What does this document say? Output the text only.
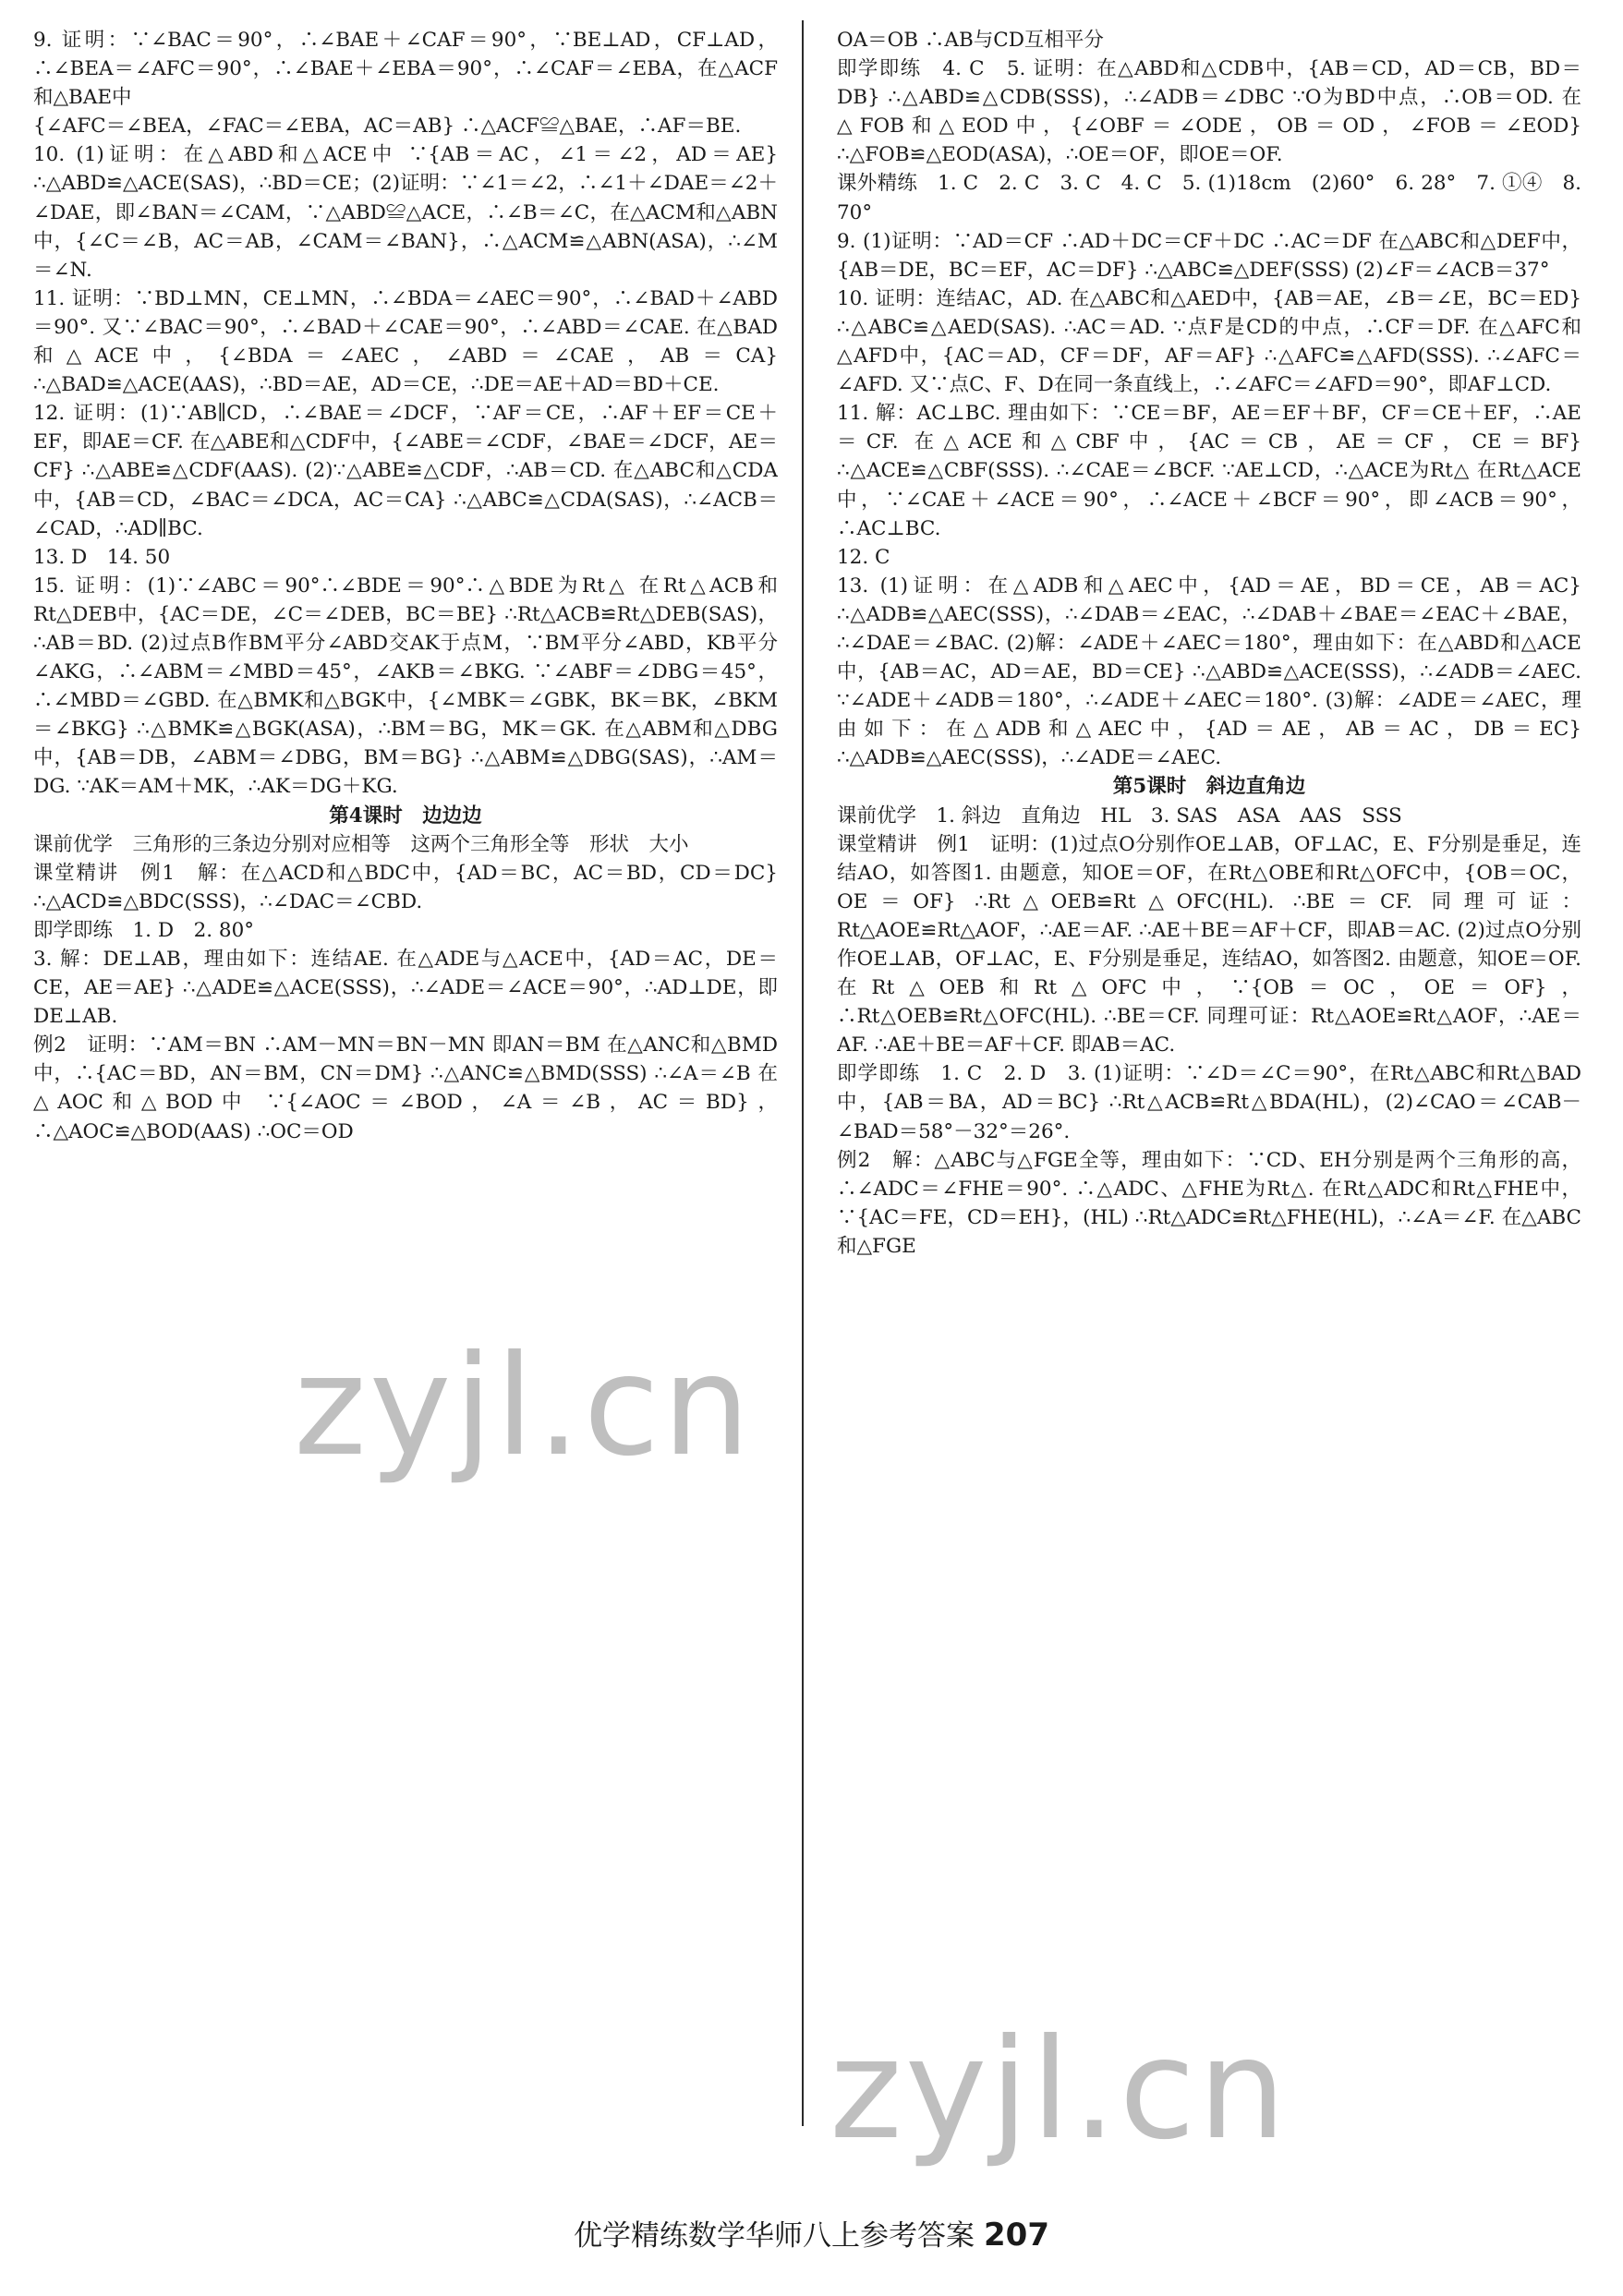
9. 证明：∵∠BAC＝90°，∴∠BAE＋∠CAF＝90°，∵BE⊥AD，CF⊥AD，∴∠BEA＝∠AFC＝90°，∴∠BAE＋∠EBA＝90°，∴∠CAF＝∠EBA，在△ACF和△BAE中

{∠AFC＝∠BEA，∠FAC＝∠EBA，AC＝AB} ∴△ACF≌△BAE，∴AF＝BE.

10. (1)证明：在△ABD和△ACE中 ∵{AB＝AC，∠1＝∠2，AD＝AE} ∴△ABD≌△ACE(SAS)，∴BD＝CE；(2)证明：∵∠1＝∠2，∴∠1＋∠DAE＝∠2＋∠DAE，即∠BAN＝∠CAM，∵△ABD≌△ACE，∴∠B＝∠C，在△ACM和△ABN中，{∠C＝∠B，AC＝AB，∠CAM＝∠BAN}，∴△ACM≌△ABN(ASA)，∴∠M＝∠N.

11. 证明：∵BD⊥MN，CE⊥MN，∴∠BDA＝∠AEC＝90°，∴∠BAD＋∠ABD＝90°. 又∵∠BAC＝90°，∴∠BAD＋∠CAE＝90°，∴∠ABD＝∠CAE. 在△BAD和△ACE中，{∠BDA＝∠AEC，∠ABD＝∠CAE，AB＝CA} ∴△BAD≌△ACE(AAS)，∴BD＝AE，AD＝CE，∴DE＝AE＋AD＝BD＋CE.

12. 证明：(1)∵AB∥CD，∴∠BAE＝∠DCF，∵AF＝CE，∴AF＋EF＝CE＋EF，即AE＝CF. 在△ABE和△CDF中，{∠ABE＝∠CDF，∠BAE＝∠DCF，AE＝CF} ∴△ABE≌△CDF(AAS). (2)∵△ABE≌△CDF，∴AB＝CD. 在△ABC和△CDA中，{AB＝CD，∠BAC＝∠DCA，AC＝CA} ∴△ABC≌△CDA(SAS)，∴∠ACB＝∠CAD，∴AD∥BC.

13. D　14. 50

15. 证明：(1)∵∠ABC＝90°∴∠BDE＝90°∴△BDE为Rt△ 在Rt△ACB和Rt△DEB中，{AC＝DE，∠C＝∠DEB，BC＝BE} ∴Rt△ACB≌Rt△DEB(SAS)，∴AB＝BD. (2)过点B作BM平分∠ABD交AK于点M，∵BM平分∠ABD，KB平分∠AKG，∴∠ABM＝∠MBD＝45°，∠AKB＝∠BKG. ∵∠ABF＝∠DBG＝45°，∴∠MBD＝∠GBD. 在△BMK和△BGK中，{∠MBK＝∠GBK，BK＝BK，∠BKM＝∠BKG} ∴△BMK≌△BGK(ASA)，∴BM＝BG，MK＝GK. 在△ABM和△DBG中，{AB＝DB，∠ABM＝∠DBG，BM＝BG} ∴△ABM≌△DBG(SAS)，∴AM＝DG. ∵AK＝AM＋MK，∴AK＝DG＋KG.

第4课时　边边边

课前优学　三角形的三条边分别对应相等　这两个三角形全等　形状　大小

课堂精讲　例1　解：在△ACD和△BDC中，{AD＝BC，AC＝BD，CD＝DC} ∴△ACD≌△BDC(SSS)，∴∠DAC＝∠CBD.

即学即练　1. D　2. 80°

3. 解：DE⊥AB，理由如下：连结AE. 在△ADE与△ACE中，{AD＝AC，DE＝CE，AE＝AE} ∴△ADE≌△ACE(SSS)，∴∠ADE＝∠ACE＝90°，∴AD⊥DE，即DE⊥AB.

例2　证明：∵AM＝BN ∴AM－MN＝BN－MN 即AN＝BM 在△ANC和△BMD中，∴{AC＝BD，AN＝BM，CN＝DM} ∴△ANC≌△BMD(SSS) ∴∠A＝∠B 在△AOC和△BOD中 ∵{∠AOC＝∠BOD，∠A＝∠B，AC＝BD}，∴△AOC≌△BOD(AAS) ∴OC＝OD

OA＝OB ∴AB与CD互相平分

即学即练　4. C　5. 证明：在△ABD和△CDB中，{AB＝CD，AD＝CB，BD＝DB} ∴△ABD≌△CDB(SSS)，∴∠ADB＝∠DBC ∵O为BD中点，∴OB＝OD. 在△FOB和△EOD中，{∠OBF＝∠ODE，OB＝OD，∠FOB＝∠EOD} ∴△FOB≌△EOD(ASA)，∴OE＝OF，即OE＝OF.

课外精练　1. C　2. C　3. C　4. C　5. (1)18cm　(2)60°　6. 28°　7. ①④　8. 70°

9. (1)证明：∵AD＝CF ∴AD＋DC＝CF＋DC ∴AC＝DF 在△ABC和△DEF中，{AB＝DE，BC＝EF，AC＝DF} ∴△ABC≌△DEF(SSS) (2)∠F＝∠ACB＝37°

10. 证明：连结AC，AD. 在△ABC和△AED中，{AB＝AE，∠B＝∠E，BC＝ED} ∴△ABC≌△AED(SAS). ∴AC＝AD. ∵点F是CD的中点，∴CF＝DF. 在△AFC和△AFD中，{AC＝AD，CF＝DF，AF＝AF} ∴△AFC≌△AFD(SSS). ∴∠AFC＝∠AFD. 又∵点C、F、D在同一条直线上，∴∠AFC＝∠AFD＝90°，即AF⊥CD.

11. 解：AC⊥BC. 理由如下：∵CE＝BF，AE＝EF＋BF，CF＝CE＋EF，∴AE＝CF. 在△ACE和△CBF中，{AC＝CB，AE＝CF，CE＝BF} ∴△ACE≌△CBF(SSS). ∴∠CAE＝∠BCF. ∵AE⊥CD，∴△ACE为Rt△ 在Rt△ACE中，∵∠CAE＋∠ACE＝90°，∴∠ACE＋∠BCF＝90°，即∠ACB＝90°，∴AC⊥BC.

12. C

13. (1)证明：在△ADB和△AEC中，{AD＝AE，BD＝CE，AB＝AC} ∴△ADB≌△AEC(SSS)，∴∠DAB＝∠EAC，∴∠DAB＋∠BAE＝∠EAC＋∠BAE，∴∠DAE＝∠BAC. (2)解：∠ADE＋∠AEC＝180°，理由如下：在△ABD和△ACE中，{AB＝AC，AD＝AE，BD＝CE} ∴△ABD≌△ACE(SSS)，∴∠ADB＝∠AEC. ∵∠ADE＋∠ADB＝180°，∴∠ADE＋∠AEC＝180°. (3)解：∠ADE＝∠AEC，理由如下：在△ADB和△AEC中，{AD＝AE，AB＝AC，DB＝EC} ∴△ADB≌△AEC(SSS)，∴∠ADE＝∠AEC.

第5课时　斜边直角边

课前优学　1. 斜边　直角边　HL　3. SAS　ASA　AAS　SSS

课堂精讲　例1　证明：(1)过点O分别作OE⊥AB，OF⊥AC，E、F分别是垂足，连结AO，如答图1. 由题意，知OE＝OF，在Rt△OBE和Rt△OFC中，{OB＝OC，OE＝OF} ∴Rt△OEB≌Rt△OFC(HL). ∴BE＝CF. 同理可证：Rt△AOE≌Rt△AOF，∴AE＝AF. ∴AE＋BE＝AF＋CF，即AB＝AC. (2)过点O分别作OE⊥AB，OF⊥AC，E、F分别是垂足，连结AO，如答图2. 由题意，知OE＝OF. 在Rt△OEB和Rt△OFC中，∵{OB＝OC，OE＝OF}，∴Rt△OEB≌Rt△OFC(HL). ∴BE＝CF. 同理可证：Rt△AOE≌Rt△AOF，∴AE＝AF. ∴AE＋BE＝AF＋CF. 即AB＝AC.

即学即练　1. C　2. D　3. (1)证明：∵∠D＝∠C＝90°，在Rt△ABC和Rt△BAD中，{AB＝BA，AD＝BC} ∴Rt△ACB≌Rt△BDA(HL)，(2)∠CAO＝∠CAB－∠BAD＝58°－32°＝26°.

例2　解：△ABC与△FGE全等，理由如下：∵CD、EH分别是两个三角形的高，∴∠ADC＝∠FHE＝90°. ∴△ADC、△FHE为Rt△. 在Rt△ADC和Rt△FHE中，∵{AC＝FE，CD＝EH}，(HL) ∴Rt△ADC≌Rt△FHE(HL)，∴∠A＝∠F. 在△ABC和△FGE

zyjl.cn
zyjl.cn
优学精练数学华师八上参考答案 207
